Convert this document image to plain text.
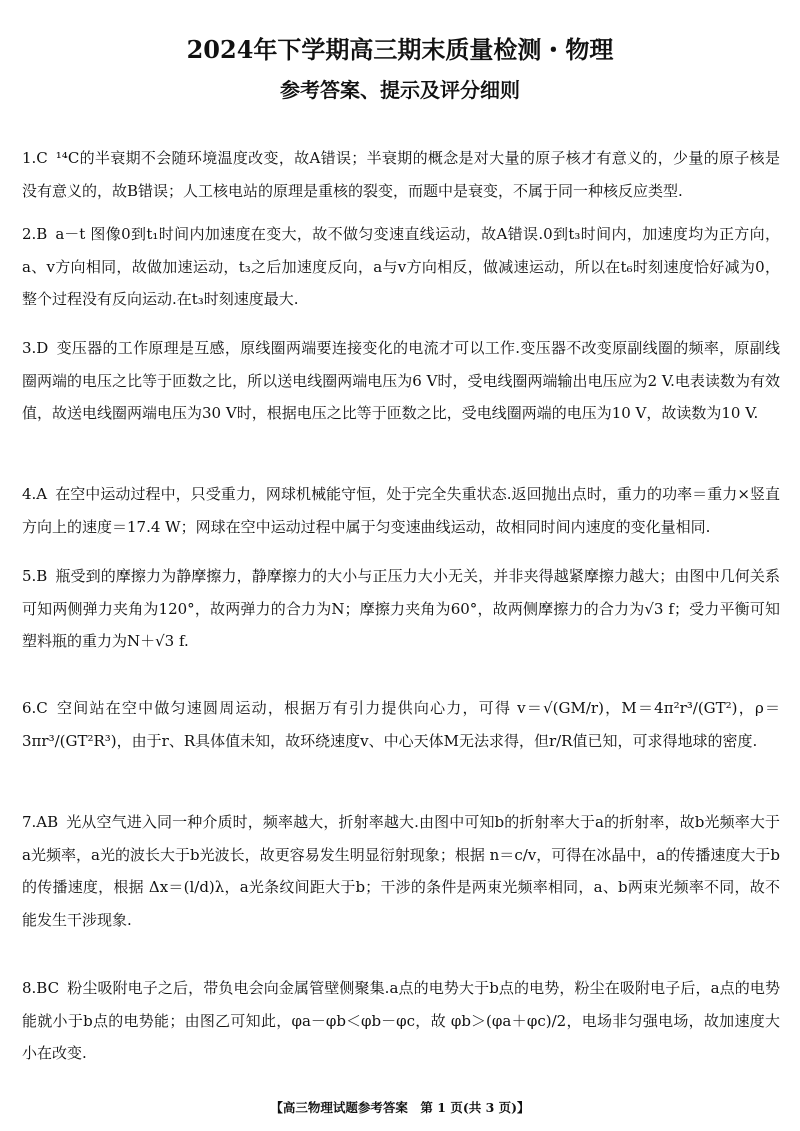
2024年下学期高三期末质量检测・物理
参考答案、提示及评分细则
1.C ¹⁴C的半衰期不会随环境温度改变，故A错误；半衰期的概念是对大量的原子核才有意义的，少量的原子核是没有意义的，故B错误；人工核电站的原理是重核的裂变，而题中是衰变，不属于同一种核反应类型.
2.B a－t 图像0到t₁时间内加速度在变大，故不做匀变速直线运动，故A错误.0到t₃时间内，加速度均为正方向，a、v方向相同，故做加速运动，t₃之后加速度反向，a与v方向相反，做减速运动，所以在t₆时刻速度恰好减为0，整个过程没有反向运动.在t₃时刻速度最大.
3.D 变压器的工作原理是互感，原线圈两端要连接变化的电流才可以工作.变压器不改变原副线圈的频率，原副线圈两端的电压之比等于匝数之比，所以送电线圈两端电压为6 V时，受电线圈两端输出电压应为2 V.电表读数为有效值，故送电线圈两端电压为30 V时，根据电压之比等于匝数之比，受电线圈两端的电压为10 V，故读数为10 V.
4.A 在空中运动过程中，只受重力，网球机械能守恒，处于完全失重状态.返回抛出点时，重力的功率＝重力×竖直方向上的速度＝17.4 W；网球在空中运动过程中属于匀变速曲线运动，故相同时间内速度的变化量相同.
5.B 瓶受到的摩擦力为静摩擦力，静摩擦力的大小与正压力大小无关，并非夹得越紧摩擦力越大；由图中几何关系可知两侧弹力夹角为120°，故两弹力的合力为N；摩擦力夹角为60°，故两侧摩擦力的合力为√3 f；受力平衡可知塑料瓶的重力为N＋√3 f.
6.C 空间站在空中做匀速圆周运动，根据万有引力提供向心力，可得 v＝√(GM/r)，M＝4π²r³/(GT²)，ρ＝3πr³/(GT²R³)，由于r、R具体值未知，故环绕速度v、中心天体M无法求得，但r/R值已知，可求得地球的密度.
7.AB 光从空气进入同一种介质时，频率越大，折射率越大.由图中可知b的折射率大于a的折射率，故b光频率大于a光频率，a光的波长大于b光波长，故更容易发生明显衍射现象；根据 n＝c/v，可得在冰晶中，a的传播速度大于b的传播速度，根据 Δx＝(l/d)λ，a光条纹间距大于b；干涉的条件是两束光频率相同，a、b两束光频率不同，故不能发生干涉现象.
8.BC 粉尘吸附电子之后，带负电会向金属管壁侧聚集.a点的电势大于b点的电势，粉尘在吸附电子后，a点的电势能就小于b点的电势能；由图乙可知此，φa－φb＜φb－φc，故 φb＞(φa＋φc)/2，电场非匀强电场，故加速度大小在改变.
【高三物理试题参考答案　第 1 页(共 3 页)】
